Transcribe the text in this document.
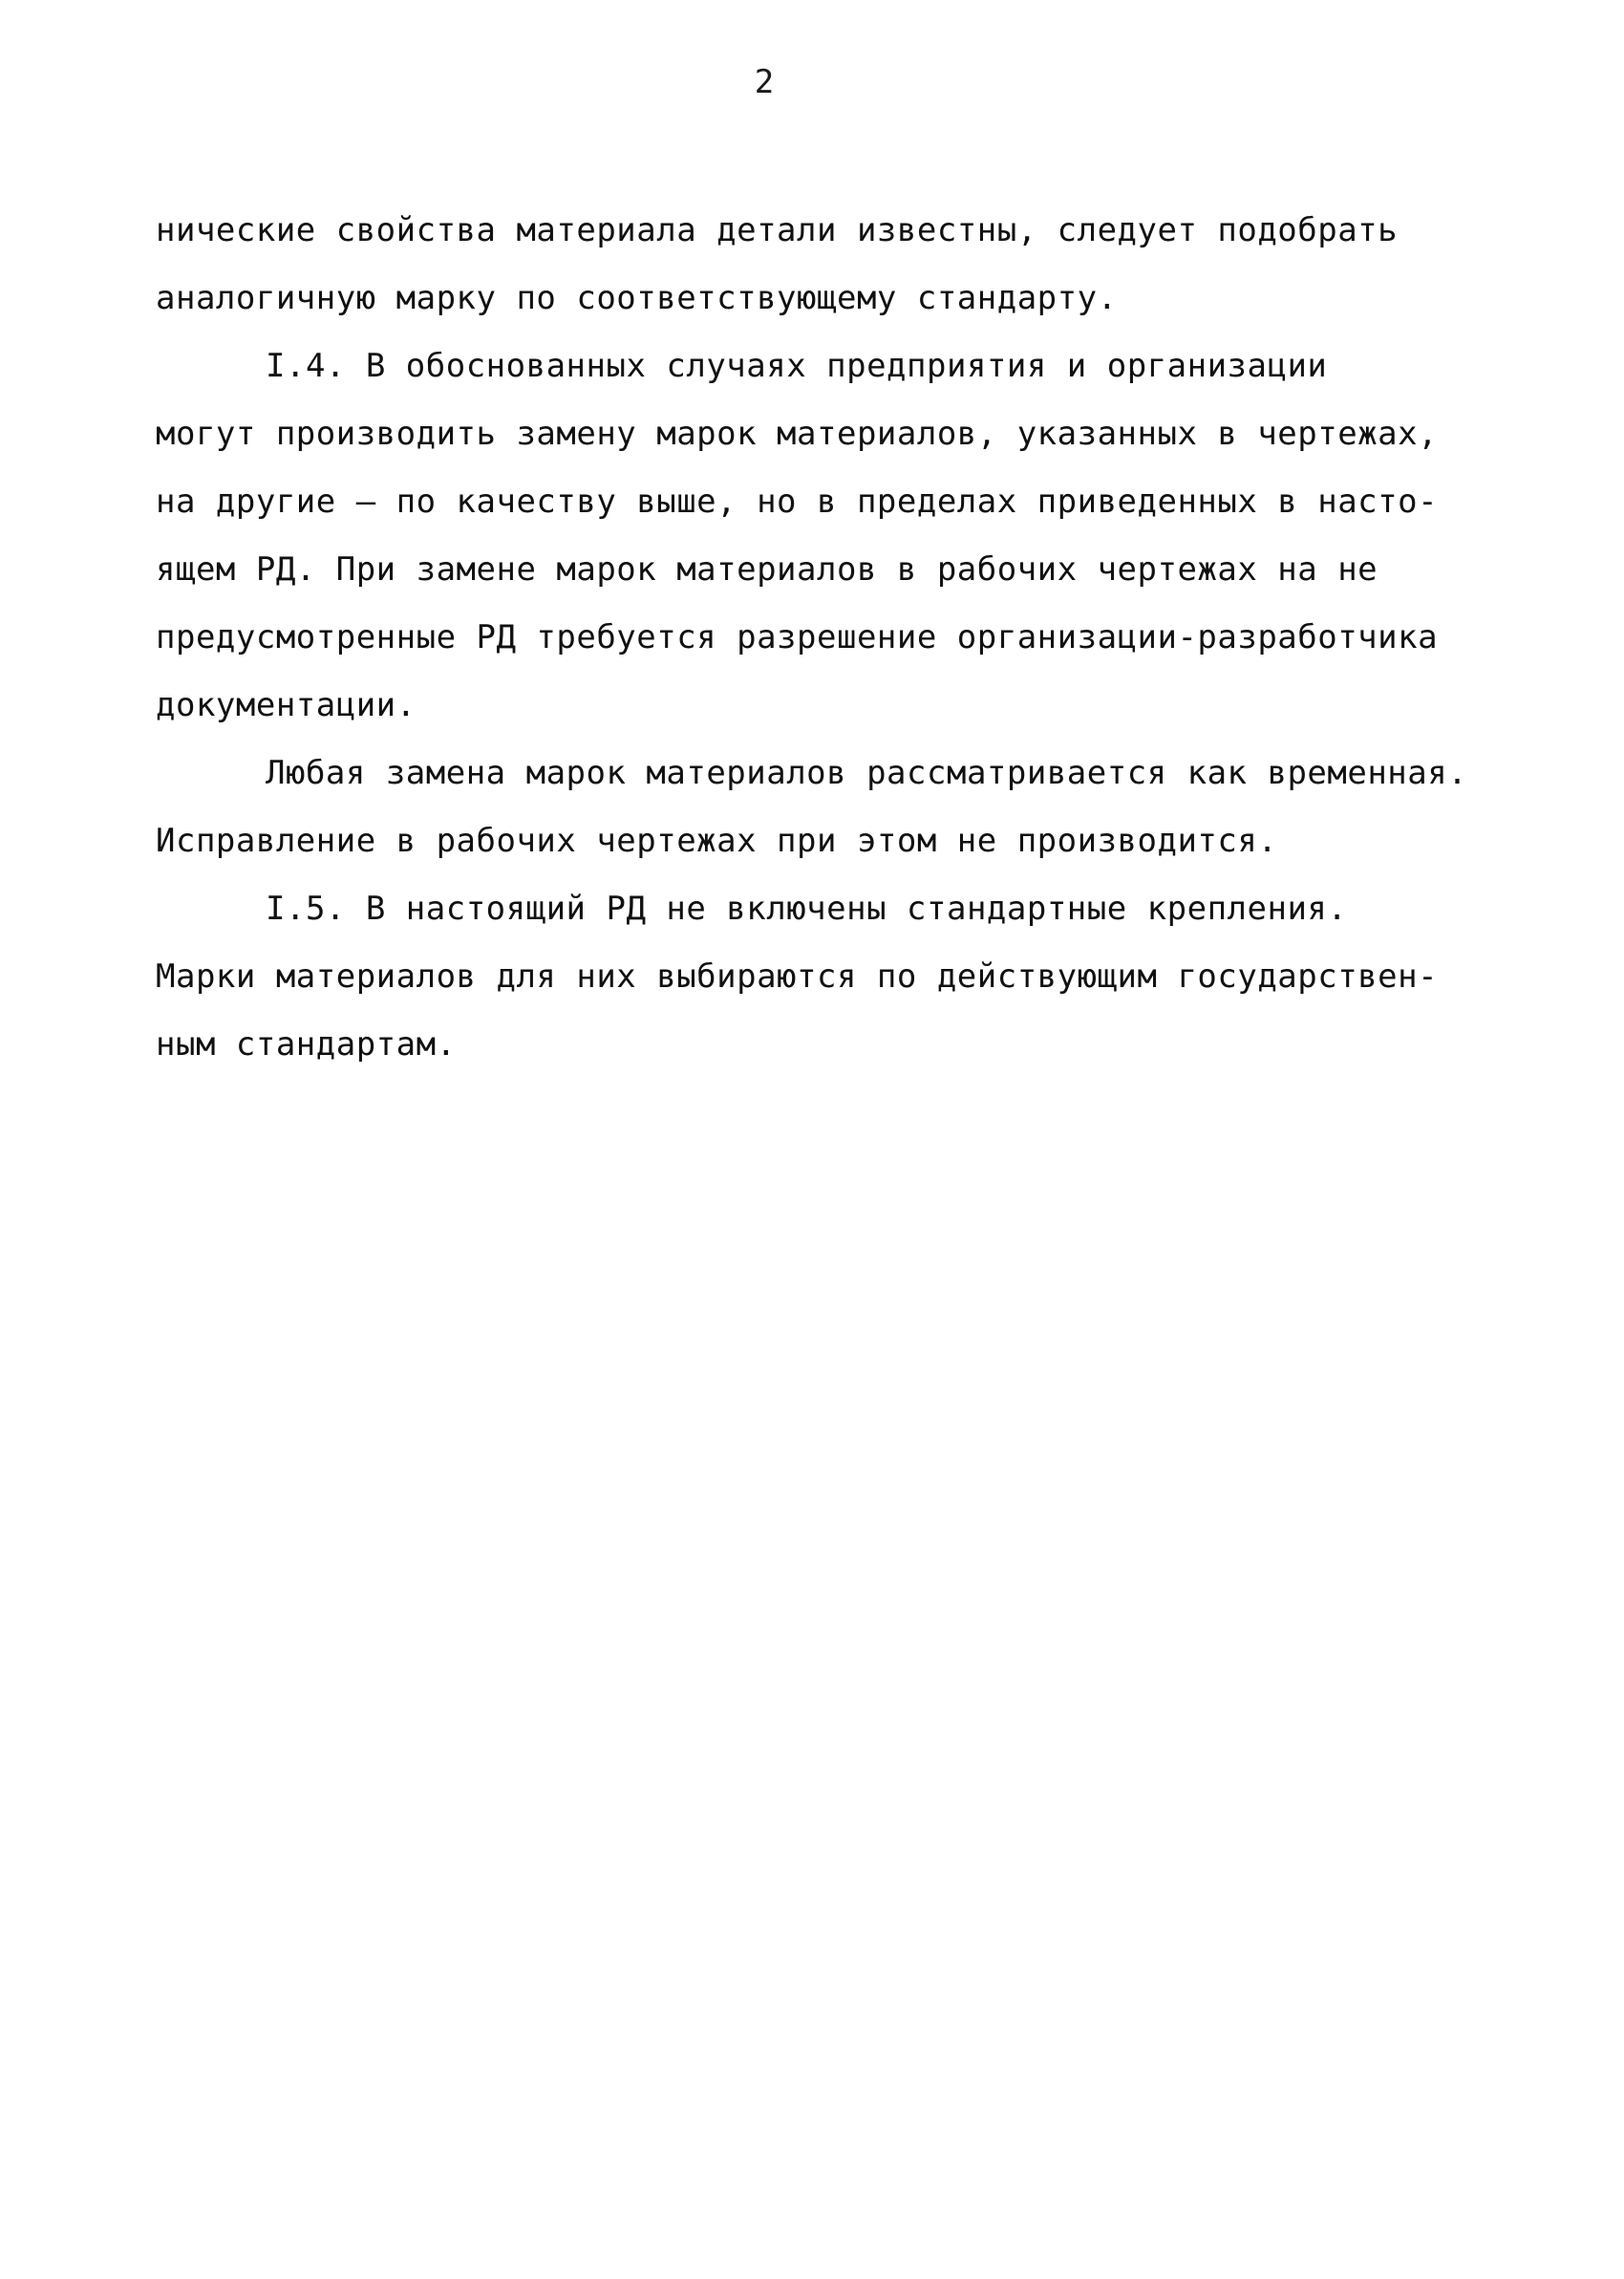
2
нические свойства материала детали известны, следует подобрать
аналогичную марку по соответствующему стандарту.
I.4. В обоснованных случаях предприятия и организации
могут производить замену марок материалов, указанных в чертежах,
на другие – по качеству выше, но в пределах приведенных в насто-
ящем РД. При замене марок материалов в рабочих чертежах на не
предусмотренные РД требуется разрешение организации-разработчика
документации.
Любая замена марок материалов рассматривается как временная.
Исправление в рабочих чертежах при этом не производится.
I.5. В настоящий РД не включены стандартные крепления.
Марки материалов для них выбираются по действующим государствен-
ным стандартам.
